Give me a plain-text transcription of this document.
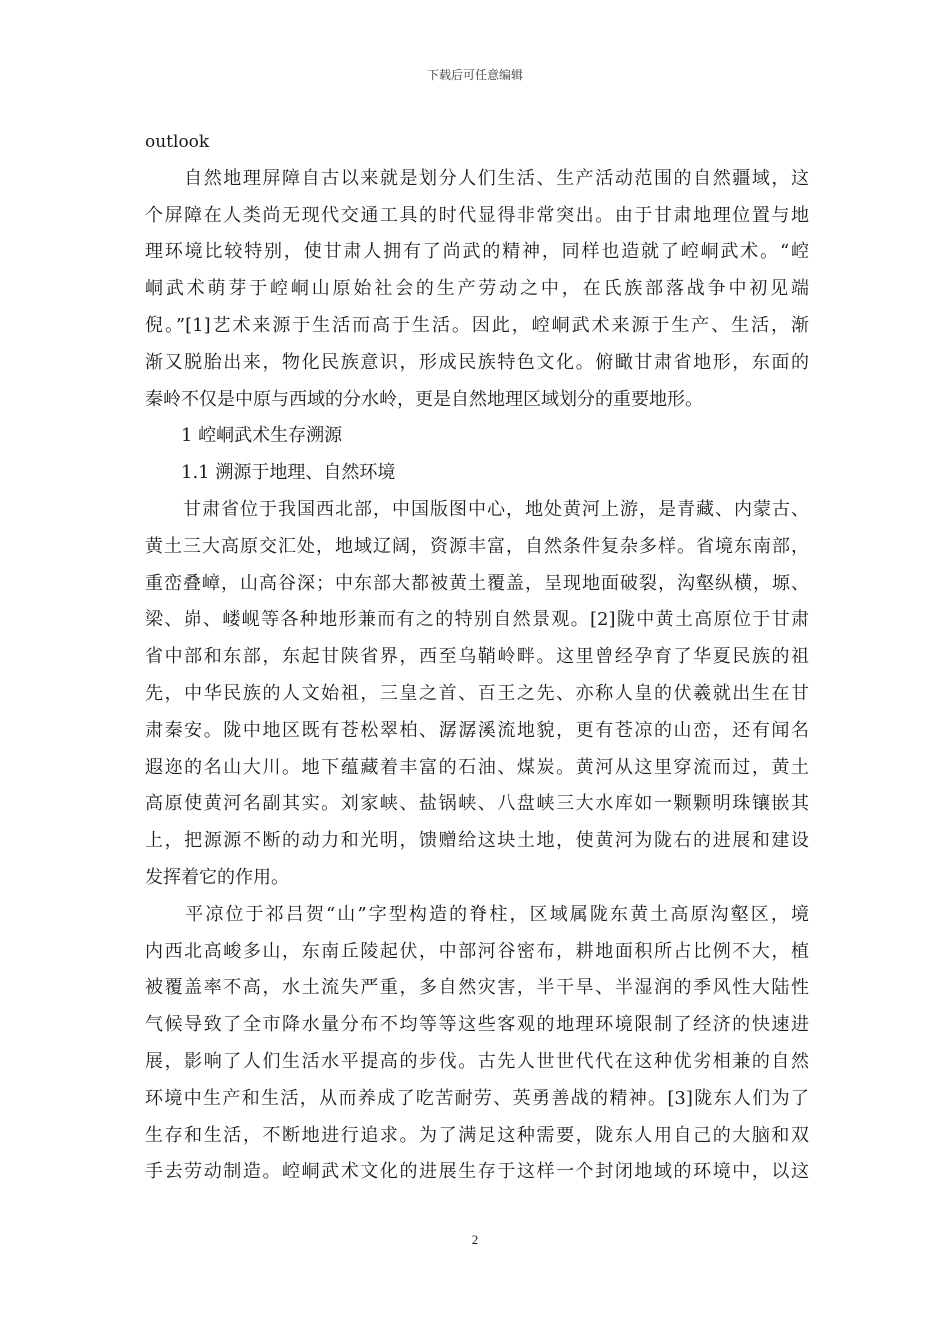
下载后可任意编辑
outlook
　　自然地理屏障自古以来就是划分人们生活、生产活动范围的自然疆域，这
个屏障在人类尚无现代交通工具的时代显得非常突出。由于甘肃地理位置与地
理环境比较特别，使甘肃人拥有了尚武的精神，同样也造就了崆峒武术。“崆
峒武术萌芽于崆峒山原始社会的生产劳动之中，在氏族部落战争中初见端
倪。”[1]艺术来源于生活而高于生活。因此，崆峒武术来源于生产、生活，渐
渐又脱胎出来，物化民族意识，形成民族特色文化。俯瞰甘肃省地形，东面的
秦岭不仅是中原与西域的分水岭，更是自然地理区域划分的重要地形。
　　1 崆峒武术生存溯源
　　1.1 溯源于地理、自然环境
　　甘肃省位于我国西北部，中国版图中心，地处黄河上游，是青藏、内蒙古、
黄土三大高原交汇处，地域辽阔，资源丰富，自然条件复杂多样。省境东南部，
重峦叠嶂，山高谷深；中东部大都被黄土覆盖，呈现地面破裂，沟壑纵横，塬、
梁、峁、嵝岘等各种地形兼而有之的特别自然景观。[2]陇中黄土高原位于甘肃
省中部和东部，东起甘陕省界，西至乌鞘岭畔。这里曾经孕育了华夏民族的祖
先，中华民族的人文始祖，三皇之首、百王之先、亦称人皇的伏羲就出生在甘
肃秦安。陇中地区既有苍松翠柏、潺潺溪流地貌，更有苍凉的山峦，还有闻名
遐迩的名山大川。地下蕴藏着丰富的石油、煤炭。黄河从这里穿流而过，黄土
高原使黄河名副其实。刘家峡、盐锅峡、八盘峡三大水库如一颗颗明珠镶嵌其
上，把源源不断的动力和光明，馈赠给这块土地，使黄河为陇右的进展和建设
发挥着它的作用。
　　平凉位于祁吕贺“山”字型构造的脊柱，区域属陇东黄土高原沟壑区，境
内西北高峻多山，东南丘陵起伏，中部河谷密布，耕地面积所占比例不大，植
被覆盖率不高，水土流失严重，多自然灾害，半干旱、半湿润的季风性大陆性
气候导致了全市降水量分布不均等等这些客观的地理环境限制了经济的快速进
展，影响了人们生活水平提高的步伐。古先人世世代代在这种优劣相兼的自然
环境中生产和生活，从而养成了吃苦耐劳、英勇善战的精神。[3]陇东人们为了
生存和生活，不断地进行追求。为了满足这种需要，陇东人用自己的大脑和双
手去劳动制造。崆峒武术文化的进展生存于这样一个封闭地域的环境中，以这
2
